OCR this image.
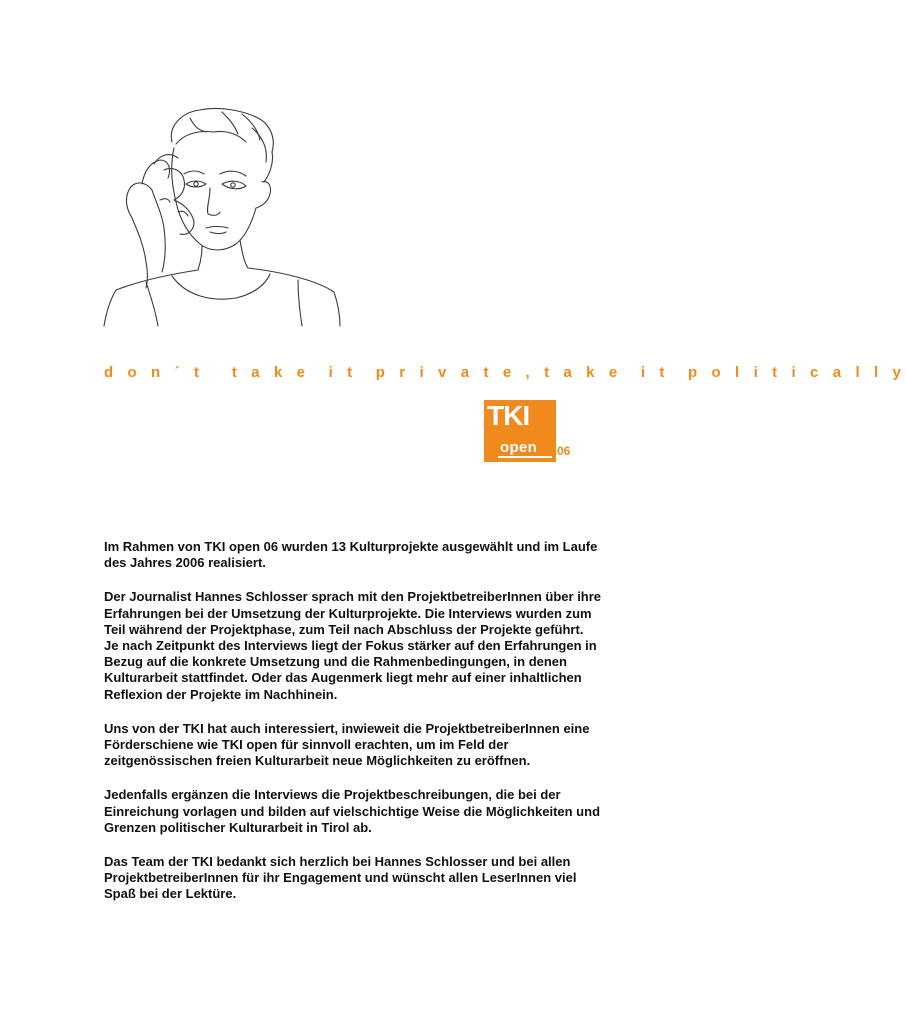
d o n ´ t   t a k e  i t  p r i v a t e , t a k e  i t  p o l i t i c a l l y
TKI
open 06

Im Rahmen von TKI open 06 wurden 13 Kulturprojekte ausgewählt und im Laufe
des Jahres 2006 realisiert.

Der Journalist Hannes Schlosser sprach mit den ProjektbetreiberInnen über ihre
Erfahrungen bei der Umsetzung der Kulturprojekte. Die Interviews wurden zum
Teil während der Projektphase, zum Teil nach Abschluss der Projekte geführt.
Je nach Zeitpunkt des Interviews liegt der Fokus stärker auf den Erfahrungen in
Bezug auf die konkrete Umsetzung und die Rahmenbedingungen, in denen
Kulturarbeit stattfindet. Oder das Augenmerk liegt mehr auf einer inhaltlichen
Reflexion der Projekte im Nachhinein.

Uns von der TKI hat auch interessiert, inwieweit die ProjektbetreiberInnen eine
Förderschiene wie TKI open für sinnvoll erachten, um im Feld der
zeitgenössischen freien Kulturarbeit neue Möglichkeiten zu eröffnen.

Jedenfalls ergänzen die Interviews die Projektbeschreibungen, die bei der
Einreichung vorlagen und bilden auf vielschichtige Weise die Möglichkeiten und
Grenzen politischer Kulturarbeit in Tirol ab.

Das Team der TKI bedankt sich herzlich bei Hannes Schlosser und bei allen
ProjektbetreiberInnen für ihr Engagement und wünscht allen LeserInnen viel
Spaß bei der Lektüre.
